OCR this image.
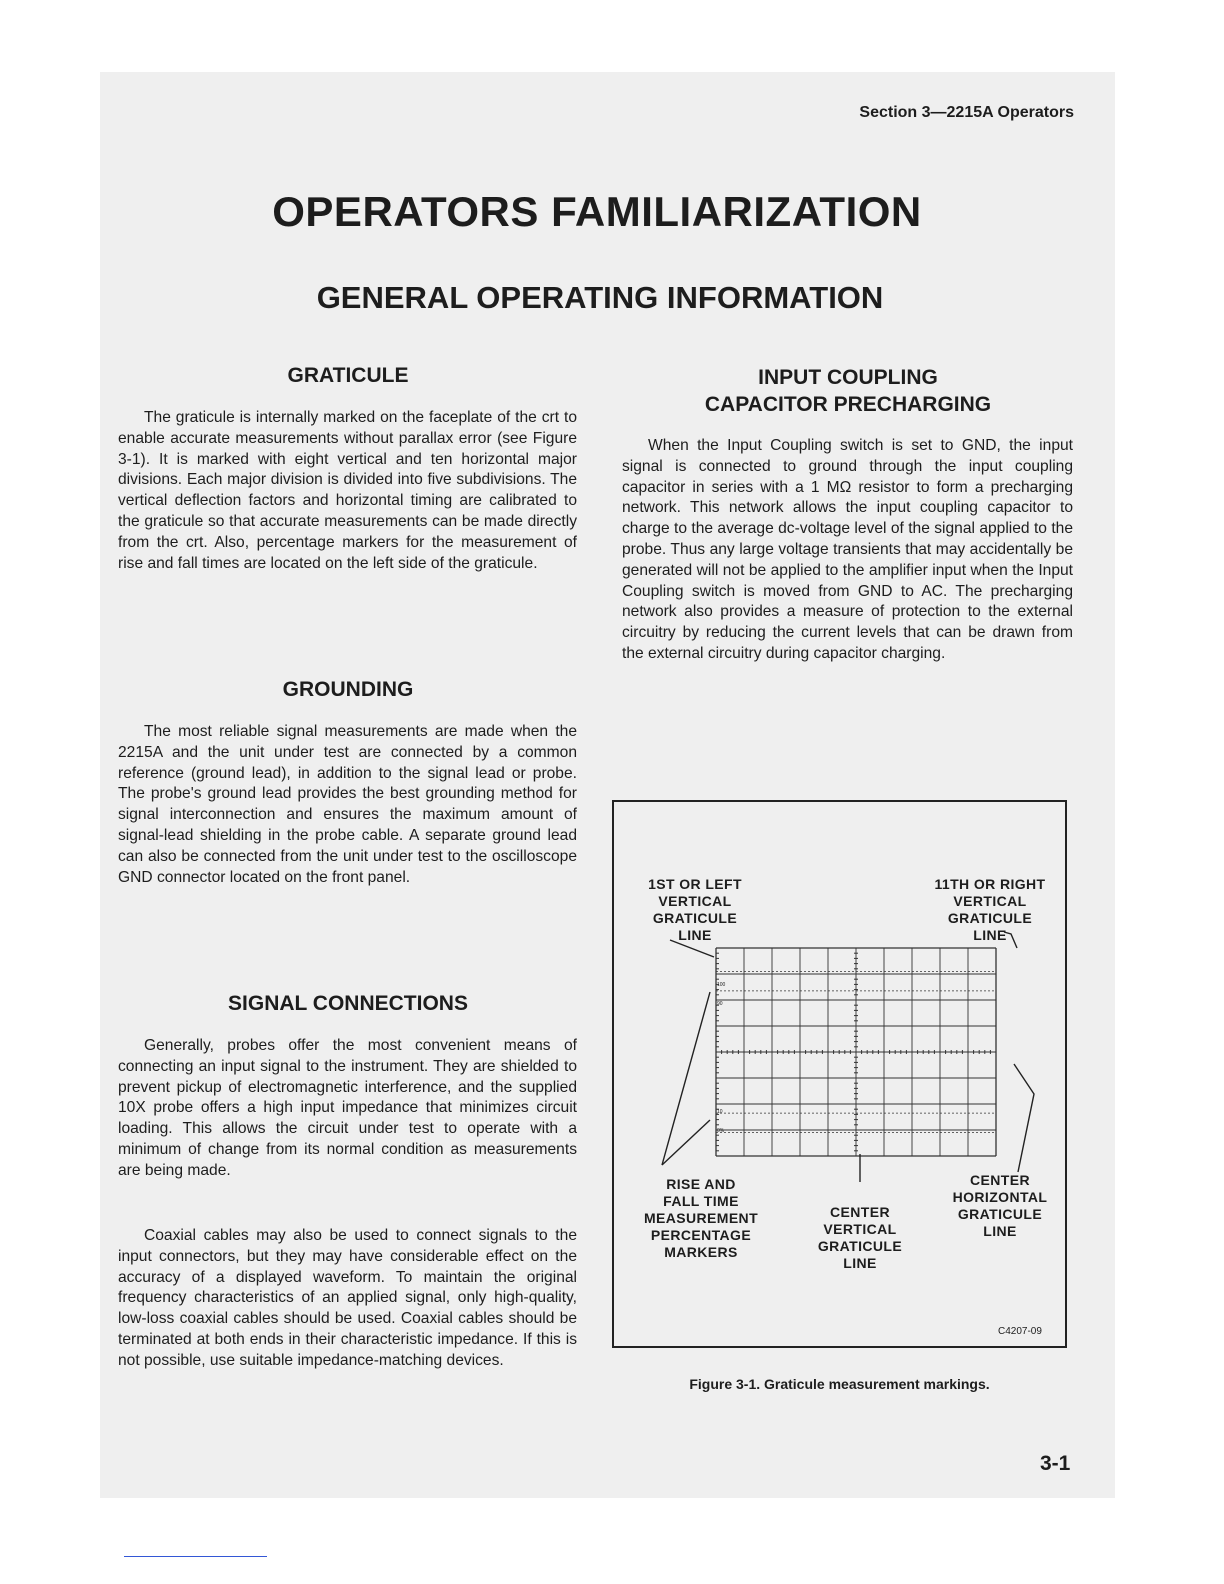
Section 3—2215A Operators
OPERATORS FAMILIARIZATION
GENERAL OPERATING INFORMATION
GRATICULE
The graticule is internally marked on the faceplate of the crt to enable accurate measurements without parallax error (see Figure 3-1). It is marked with eight vertical and ten horizontal major divisions. Each major division is divided into five subdivisions. The vertical deflection factors and horizontal timing are calibrated to the graticule so that accurate measurements can be made directly from the crt. Also, percentage markers for the measurement of rise and fall times are located on the left side of the graticule.
GROUNDING
The most reliable signal measurements are made when the 2215A and the unit under test are connected by a common reference (ground lead), in addition to the signal lead or probe. The probe's ground lead provides the best grounding method for signal interconnection and ensures the maximum amount of signal-lead shielding in the probe cable. A separate ground lead can also be connected from the unit under test to the oscilloscope GND connector located on the front panel.
SIGNAL CONNECTIONS
Generally, probes offer the most convenient means of connecting an input signal to the instrument. They are shielded to prevent pickup of electromagnetic interference, and the supplied 10X probe offers a high input impedance that minimizes circuit loading. This allows the circuit under test to operate with a minimum of change from its normal condition as measurements are being made.
Coaxial cables may also be used to connect signals to the input connectors, but they may have considerable effect on the accuracy of a displayed waveform. To maintain the original frequency characteristics of an applied signal, only high-quality, low-loss coaxial cables should be used. Coaxial cables should be terminated at both ends in their characteristic impedance. If this is not possible, use suitable impedance-matching devices.
INPUT COUPLING
CAPACITOR PRECHARGING
When the Input Coupling switch is set to GND, the input signal is connected to ground through the input coupling capacitor in series with a 1 MΩ resistor to form a precharging network. This network allows the input coupling capacitor to charge to the average dc-voltage level of the signal applied to the probe. Thus any large voltage transients that may accidentally be generated will not be applied to the amplifier input when the Input Coupling switch is moved from GND to AC. The precharging network also provides a measure of protection to the external circuitry by reducing the current levels that can be drawn from the external circuitry during capacitor charging.
1ST OR LEFT
VERTICAL
GRATICULE
LINE
11TH OR RIGHT
VERTICAL
GRATICULE
LINE
RISE AND
FALL TIME
MEASUREMENT
PERCENTAGE
MARKERS
CENTER
VERTICAL
GRATICULE
LINE
CENTER
HORIZONTAL
GRATICULE
LINE
100
90
10
0%
C4207-09
Figure 3-1. Graticule measurement markings.
3-1
